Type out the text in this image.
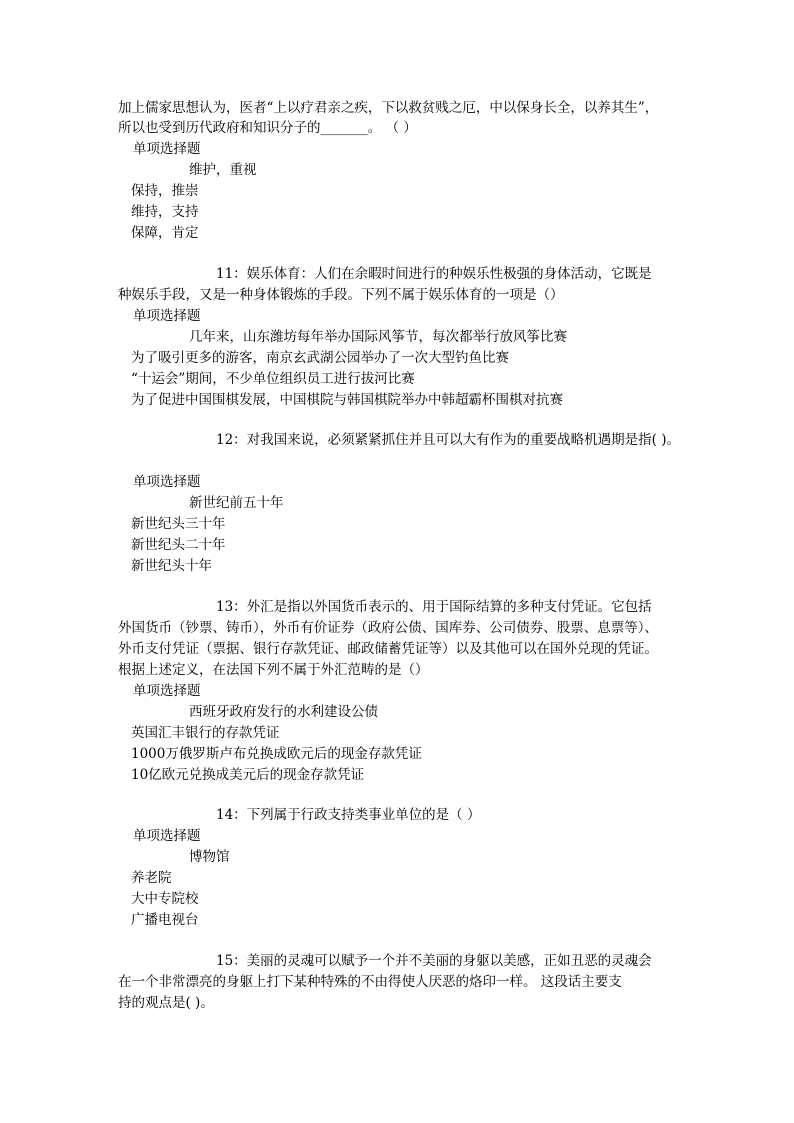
加上儒家思想认为，医者“上以疗君亲之疾，下以救贫贱之厄，中以保身长全，以养其生”，
所以也受到历代政府和知识分子的_______。 （ ）
单项选择题
维护，重视
保持，推崇
维持，支持
保障，肯定
11：娱乐体育：人们在余暇时间进行的种娱乐性极强的身体活动，它既是
种娱乐手段，又是一种身体锻炼的手段。下列不属于娱乐体育的一项是（）
单项选择题
几年来，山东潍坊每年举办国际风筝节，每次都举行放风筝比赛
为了吸引更多的游客，南京玄武湖公园举办了一次大型钓鱼比赛
“十运会”期间，不少单位组织员工进行拔河比赛
为了促进中国围棋发展，中国棋院与韩国棋院举办中韩超霸杯围棋对抗赛
12：对我国来说，必须紧紧抓住并且可以大有作为的重要战略机遇期是指( )。
单项选择题
新世纪前五十年
新世纪头三十年
新世纪头二十年
新世纪头十年
13：外汇是指以外国货币表示的、用于国际结算的多种支付凭证。它包括
外国货币（钞票、铸币），外币有价证券（政府公债、国库券、公司债券、股票、息票等）、
外币支付凭证（票据、银行存款凭证、邮政储蓄凭证等）以及其他可以在国外兑现的凭证。
根据上述定义，在法国下列不属于外汇范畴的是（）
单项选择题
西班牙政府发行的水利建设公债
英国汇丰银行的存款凭证
1000万俄罗斯卢布兑换成欧元后的现金存款凭证
10亿欧元兑换成美元后的现金存款凭证
14：下列属于行政支持类事业单位的是（ ）
单项选择题
博物馆
养老院
大中专院校
广播电视台
15：美丽的灵魂可以赋予一个并不美丽的身躯以美感，正如丑恶的灵魂会
在一个非常漂亮的身躯上打下某种特殊的不由得使人厌恶的烙印一样。 这段话主要支
持的观点是( )。
